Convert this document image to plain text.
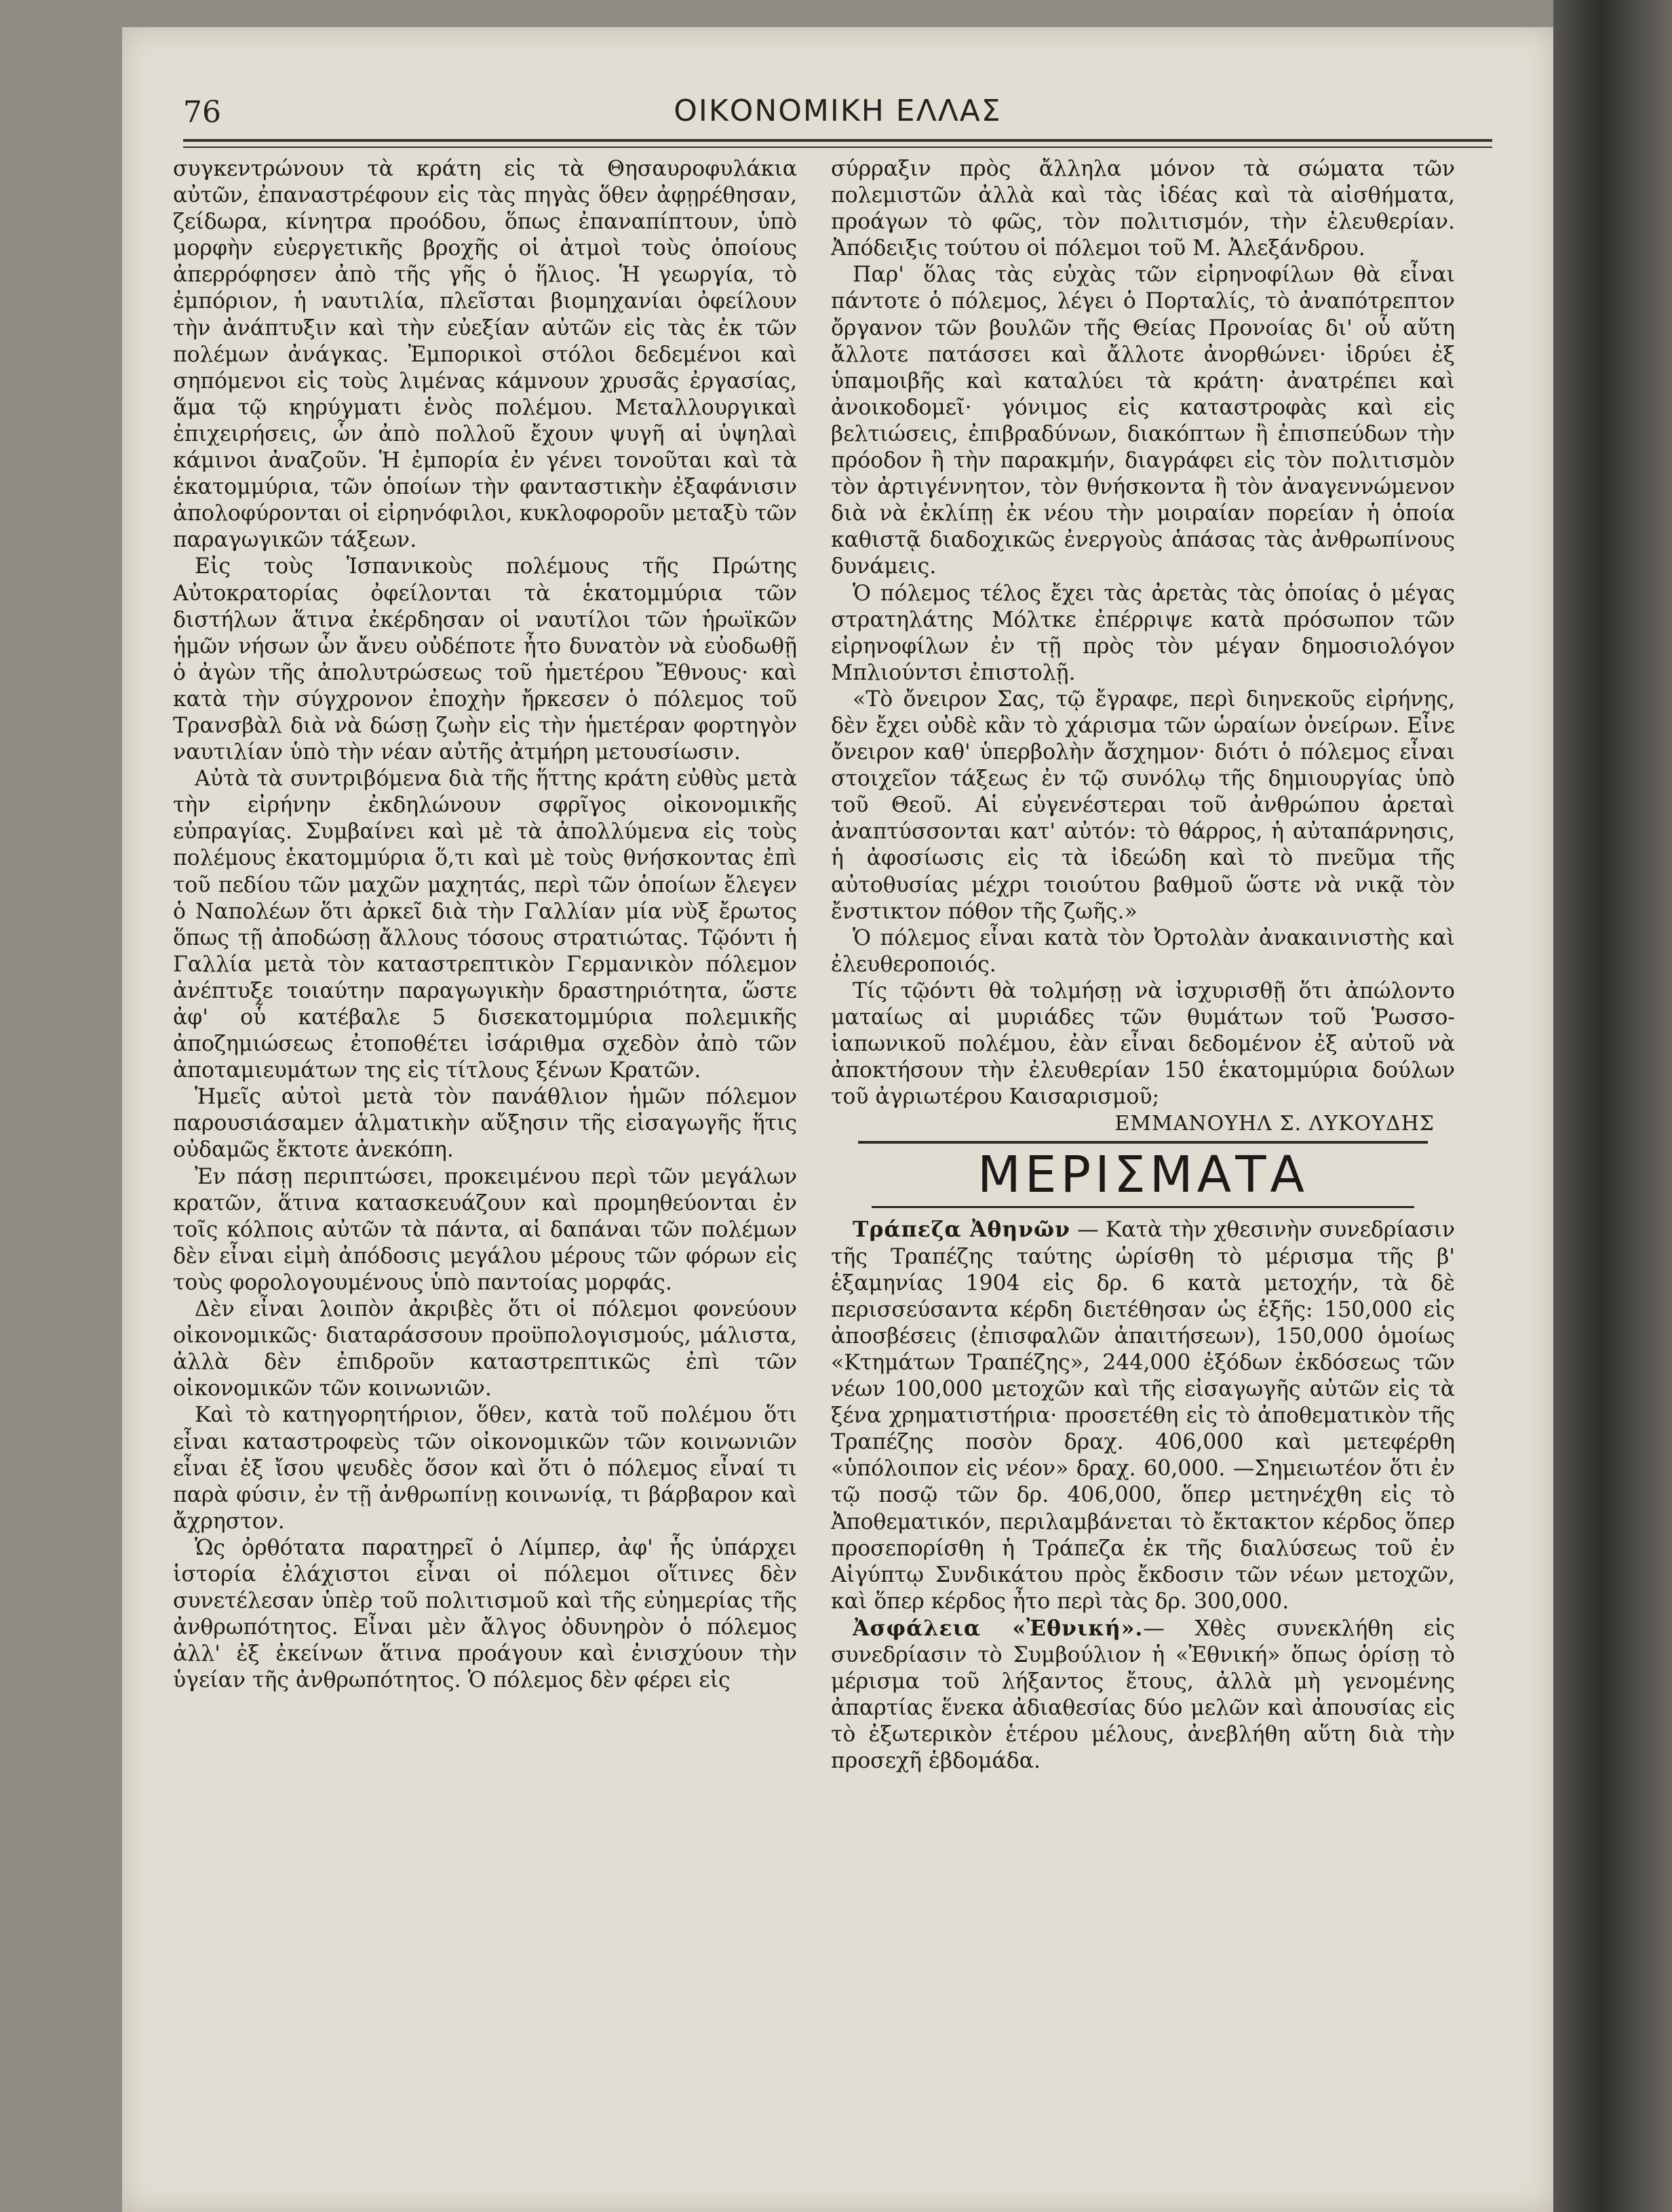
76	ΟΙΚΟΝΟΜΙΚΗ ΕΛΛΑΣ

συγκεντρώνουν τὰ κράτη εἰς τὰ Θησαυροφυλάκια αὐτῶν, ἐπαναστρέφουν εἰς τὰς πηγὰς ὅθεν ἀφῃρέθησαν, ζείδωρα, κίνητρα προόδου, ὅπως ἐπαναπίπτουν, ὑπὸ μορφὴν εὐεργετικῆς βροχῆς οἱ ἀτμοὶ τοὺς ὁποίους ἀπερρόφησεν ἀπὸ τῆς γῆς ὁ ἥλιος. Ἡ γεωργία, τὸ ἐμπόριον, ἡ ναυτιλία, πλεῖσται βιομηχανίαι ὀφείλουν τὴν ἀνάπτυξιν καὶ τὴν εὐεξίαν αὐτῶν εἰς τὰς ἐκ τῶν πολέμων ἀνάγκας. Ἐμπορικοὶ στόλοι δεδεμένοι καὶ σηπόμενοι εἰς τοὺς λιμένας κάμνουν χρυσᾶς ἐργασίας, ἅμα τῷ κηρύγματι ἑνὸς πολέμου. Μεταλλουργικαὶ ἐπιχειρήσεις, ὧν ἀπὸ πολλοῦ ἔχουν ψυγῆ αἱ ὑψηλαὶ κάμινοι ἀναζοῦν. Ἡ ἐμπορία ἐν γένει τονοῦται καὶ τὰ ἑκατομμύρια, τῶν ὁποίων τὴν φανταστικὴν ἐξαφάνισιν ἀπολοφύρονται οἱ εἰρηνόφιλοι, κυκλοφοροῦν μεταξὺ τῶν παραγωγικῶν τάξεων.

Εἰς τοὺς Ἱσπανικοὺς πολέμους τῆς Πρώτης Αὐτοκρατορίας ὀφείλονται τὰ ἑκατομμύρια τῶν διστήλων ἅτινα ἐκέρδησαν οἱ ναυτίλοι τῶν ἡρωϊκῶν ἡμῶν νήσων ὧν ἄνευ οὐδέποτε ἦτο δυνατὸν νὰ εὐοδωθῇ ὁ ἀγὼν τῆς ἀπολυτρώσεως τοῦ ἡμετέρου Ἔθνους· καὶ κατὰ τὴν σύγχρονον ἐποχὴν ἤρκεσεν ὁ πόλεμος τοῦ Τρανσβὰλ διὰ νὰ δώσῃ ζωὴν εἰς τὴν ἡμετέραν φορτηγὸν ναυτιλίαν ὑπὸ τὴν νέαν αὐτῆς ἀτμήρη μετουσίωσιν.

Αὐτὰ τὰ συντριβόμενα διὰ τῆς ἥττης κράτη εὐθὺς μετὰ τὴν εἰρήνην ἐκδηλώνουν σφρῖγος οἰκονομικῆς εὐπραγίας. Συμβαίνει καὶ μὲ τὰ ἀπολλύμενα εἰς τοὺς πολέμους ἑκατομμύρια ὅ,τι καὶ μὲ τοὺς θνήσκοντας ἐπὶ τοῦ πεδίου τῶν μαχῶν μαχητάς, περὶ τῶν ὁποίων ἔλεγεν ὁ Ναπολέων ὅτι ἀρκεῖ διὰ τὴν Γαλλίαν μία νὺξ ἔρωτος ὅπως τῇ ἀποδώσῃ ἄλλους τόσους στρατιώτας. Τῷόντι ἡ Γαλλία μετὰ τὸν καταστρεπτικὸν Γερμανικὸν πόλεμον ἀνέπτυξε τοιαύτην παραγωγικὴν δραστηριότητα, ὥστε ἀφ' οὗ κατέβαλε 5 δισεκατομμύρια πολεμικῆς ἀποζημιώσεως ἐτοποθέτει ἰσάριθμα σχεδὸν ἀπὸ τῶν ἀποταμιευμάτων της εἰς τίτλους ξένων Κρατῶν.

Ἡμεῖς αὐτοὶ μετὰ τὸν πανάθλιον ἡμῶν πόλεμον παρουσιάσαμεν ἁλματικὴν αὔξησιν τῆς εἰσαγωγῆς ἥτις οὐδαμῶς ἔκτοτε ἀνεκόπη.

Ἐν πάσῃ περιπτώσει, προκειμένου περὶ τῶν μεγάλων κρατῶν, ἅτινα κατασκευάζουν καὶ προμηθεύονται ἐν τοῖς κόλποις αὐτῶν τὰ πάντα, αἱ δαπάναι τῶν πολέμων δὲν εἶναι εἰμὴ ἀπόδοσις μεγάλου μέρους τῶν φόρων εἰς τοὺς φορολογουμένους ὑπὸ παντοίας μορφάς.

Δὲν εἶναι λοιπὸν ἀκριβὲς ὅτι οἱ πόλεμοι φονεύουν οἰκονομικῶς· διαταράσσουν προϋπολογισμούς, μάλιστα, ἀλλὰ δὲν ἐπιδροῦν καταστρεπτικῶς ἐπὶ τῶν οἰκονομικῶν τῶν κοινωνιῶν.

Καὶ τὸ κατηγορητήριον, ὅθεν, κατὰ τοῦ πολέμου ὅτι εἶναι καταστροφεὺς τῶν οἰκονομικῶν τῶν κοινωνιῶν εἶναι ἐξ ἴσου ψευδὲς ὅσον καὶ ὅτι ὁ πόλεμος εἶναί τι παρὰ φύσιν, ἐν τῇ ἀνθρωπίνῃ κοινωνίᾳ, τι βάρβαρον καὶ ἄχρηστον.

Ὡς ὀρθότατα παρατηρεῖ ὁ Λίμπερ, ἀφ' ἧς ὑπάρχει ἱστορία ἐλάχιστοι εἶναι οἱ πόλεμοι οἵτινες δὲν συνετέλεσαν ὑπὲρ τοῦ πολιτισμοῦ καὶ τῆς εὐημερίας τῆς ἀνθρωπότητος. Εἶναι μὲν ἄλγος ὀδυνηρὸν ὁ πόλεμος ἀλλ' ἐξ ἐκείνων ἅτινα προάγουν καὶ ἐνισχύουν τὴν ὑγείαν τῆς ἀνθρωπότητος. Ὁ πόλεμος δὲν φέρει εἰς

σύρραξιν πρὸς ἄλληλα μόνον τὰ σώματα τῶν πολεμιστῶν ἀλλὰ καὶ τὰς ἰδέας καὶ τὰ αἰσθήματα, προάγων τὸ φῶς, τὸν πολιτισμόν, τὴν ἐλευθερίαν. Ἀπόδειξις τούτου οἱ πόλεμοι τοῦ Μ. Ἀλεξάνδρου.

Παρ' ὅλας τὰς εὐχὰς τῶν εἰρηνοφίλων θὰ εἶναι πάντοτε ὁ πόλεμος, λέγει ὁ Πορταλίς, τὸ ἀναπότρεπτον ὄργανον τῶν βουλῶν τῆς Θείας Προνοίας δι' οὗ αὕτη ἄλλοτε πατάσσει καὶ ἄλλοτε ἀνορθώνει· ἱδρύει ἐξ ὑπαμοιβῆς καὶ καταλύει τὰ κράτη· ἀνατρέπει καὶ ἀνοικοδομεῖ· γόνιμος εἰς καταστροφὰς καὶ εἰς βελτιώσεις, ἐπιβραδύνων, διακόπτων ἢ ἐπισπεύδων τὴν πρόοδον ἢ τὴν παρακμήν, διαγράφει εἰς τὸν πολιτισμὸν τὸν ἀρτιγέννητον, τὸν θνήσκοντα ἢ τὸν ἀναγεννώμενον διὰ νὰ ἐκλίπῃ ἐκ νέου τὴν μοιραίαν πορείαν ἡ ὁποία καθιστᾷ διαδοχικῶς ἐνεργοὺς ἁπάσας τὰς ἀνθρωπίνους δυνάμεις.

Ὁ πόλεμος τέλος ἔχει τὰς ἀρετὰς τὰς ὁποίας ὁ μέγας στρατηλάτης Μόλτκε ἐπέρριψε κατὰ πρόσωπον τῶν εἰρηνοφίλων ἐν τῇ πρὸς τὸν μέγαν δημοσιολόγον Μπλιούντσι ἐπιστολῇ.

«Τὸ ὄνειρον Σας, τῷ ἔγραφε, περὶ διηνεκοῦς εἰρήνης, δὲν ἔχει οὐδὲ κἂν τὸ χάρισμα τῶν ὡραίων ὀνείρων. Εἶνε ὄνειρον καθ' ὑπερβολὴν ἄσχημον· διότι ὁ πόλεμος εἶναι στοιχεῖον τάξεως ἐν τῷ συνόλῳ τῆς δημιουργίας ὑπὸ τοῦ Θεοῦ. Αἱ εὐγενέστεραι τοῦ ἀνθρώπου ἀρεταὶ ἀναπτύσσονται κατ' αὐτόν: τὸ θάρρος, ἡ αὐταπάρνησις, ἡ ἀφοσίωσις εἰς τὰ ἰδεώδη καὶ τὸ πνεῦμα τῆς αὐτοθυσίας μέχρι τοιούτου βαθμοῦ ὥστε νὰ νικᾷ τὸν ἔνστικτον πόθον τῆς ζωῆς.»

Ὁ πόλεμος εἶναι κατὰ τὸν Ὀρτολὰν ἀνακαινιστὴς καὶ ἐλευθεροποιός.

Τίς τῷόντι θὰ τολμήσῃ νὰ ἰσχυρισθῇ ὅτι ἀπώλοντο ματαίως αἱ μυριάδες τῶν θυμάτων τοῦ Ῥωσσο-ἰαπωνικοῦ πολέμου, ἐὰν εἶναι δεδομένον ἐξ αὐτοῦ νὰ ἀποκτήσουν τὴν ἐλευθερίαν 150 ἑκατομμύρια δούλων τοῦ ἀγριωτέρου Καισαρισμοῦ;

ΕΜΜΑΝΟΥΗΛ Σ. ΛΥΚΟΥΔΗΣ
ΜΕΡΙΣΜΑΤΑ

Τράπεζα Ἀθηνῶν — Κατὰ τὴν χθεσινὴν συνεδρίασιν τῆς Τραπέζης ταύτης ὡρίσθη τὸ μέρισμα τῆς β' ἑξαμηνίας 1904 εἰς δρ. 6 κατὰ μετοχήν, τὰ δὲ περισσεύσαντα κέρδη διετέθησαν ὡς ἑξῆς: 150,000 εἰς ἀποσβέσεις (ἐπισφαλῶν ἀπαιτήσεων), 150,000 ὁμοίως «Κτημάτων Τραπέζης», 244,000 ἐξόδων ἐκδόσεως τῶν νέων 100,000 μετοχῶν καὶ τῆς εἰσαγωγῆς αὐτῶν εἰς τὰ ξένα χρηματιστήρια· προσετέθη εἰς τὸ ἀποθεματικὸν τῆς Τραπέζης ποσὸν δραχ. 406,000 καὶ μετεφέρθη «ὑπόλοιπον εἰς νέον» δραχ. 60,000. —Σημειωτέον ὅτι ἐν τῷ ποσῷ τῶν δρ. 406,000, ὅπερ μετηνέχθη εἰς τὸ Ἀποθεματικόν, περιλαμβάνεται τὸ ἔκτακτον κέρδος ὅπερ προσεπορίσθη ἡ Τράπεζα ἐκ τῆς διαλύσεως τοῦ ἐν Αἰγύπτῳ Συνδικάτου πρὸς ἔκδοσιν τῶν νέων μετοχῶν, καὶ ὅπερ κέρδος ἦτο περὶ τὰς δρ. 300,000.

Ἀσφάλεια «Ἐθνική».— Χθὲς συνεκλήθη εἰς συνεδρίασιν τὸ Συμβούλιον ἡ «Ἐθνική» ὅπως ὁρίσῃ τὸ μέρισμα τοῦ λήξαντος ἔτους, ἀλλὰ μὴ γενομένης ἀπαρτίας ἕνεκα ἀδιαθεσίας δύο μελῶν καὶ ἀπουσίας εἰς τὸ ἐξωτερικὸν ἑτέρου μέλους, ἀνεβλήθη αὕτη διὰ τὴν προσεχῆ ἑβδομάδα.
